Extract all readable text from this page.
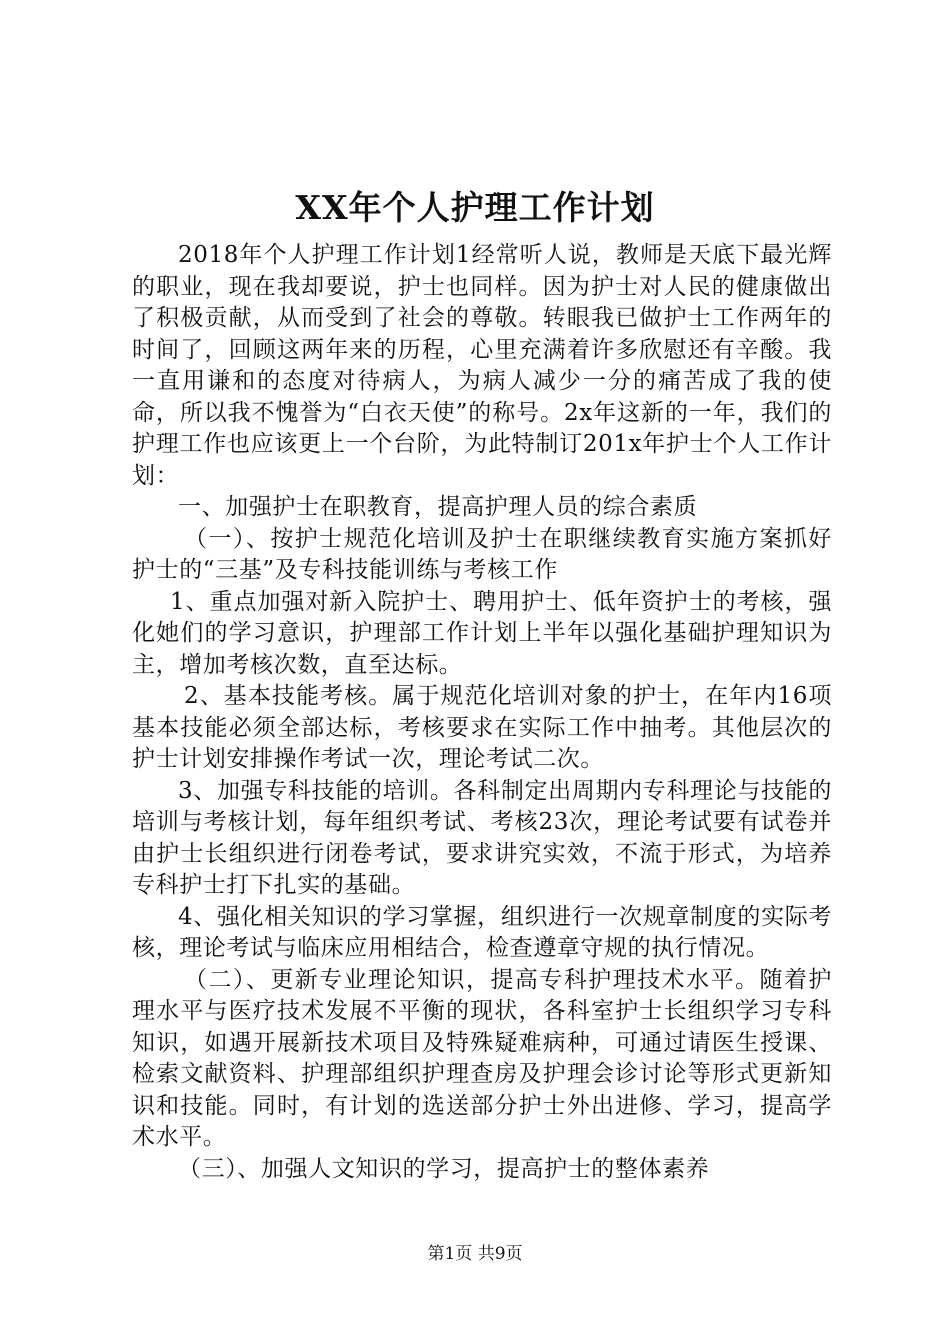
XX年个人护理工作计划

2018年个人护理工作计划1经常听人说，教师是天底下最光辉的职业，现在我却要说，护士也同样。因为护士对人民的健康做出了积极贡献，从而受到了社会的尊敬。转眼我已做护士工作两年的时间了，回顾这两年来的历程，心里充满着许多欣慰还有辛酸。我一直用谦和的态度对待病人，为病人减少一分的痛苦成了我的使命，所以我不愧誉为“白衣天使”的称号。2x年这新的一年，我们的护理工作也应该更上一个台阶，为此特制订201x年护士个人工作计划：

一、加强护士在职教育，提高护理人员的综合素质

（一）、按护士规范化培训及护士在职继续教育实施方案抓好护士的“三基”及专科技能训练与考核工作

1、重点加强对新入院护士、聘用护士、低年资护士的考核，强化她们的学习意识，护理部工作计划上半年以强化基础护理知识为主，增加考核次数，直至达标。

2、基本技能考核。属于规范化培训对象的护士，在年内16项基本技能必须全部达标，考核要求在实际工作中抽考。其他层次的护士计划安排操作考试一次，理论考试二次。

3、加强专科技能的培训。各科制定出周期内专科理论与技能的培训与考核计划，每年组织考试、考核23次，理论考试要有试卷并由护士长组织进行闭卷考试，要求讲究实效，不流于形式，为培养专科护士打下扎实的基础。

4、强化相关知识的学习掌握，组织进行一次规章制度的实际考核，理论考试与临床应用相结合，检查遵章守规的执行情况。

（二）、更新专业理论知识，提高专科护理技术水平。随着护理水平与医疗技术发展不平衡的现状，各科室护士长组织学习专科知识，如遇开展新技术项目及特殊疑难病种，可通过请医生授课、检索文献资料、护理部组织护理查房及护理会诊讨论等形式更新知识和技能。同时，有计划的选送部分护士外出进修、学习，提高学术水平。

（三）、加强人文知识的学习，提高护士的整体素养

第1页 共9页
